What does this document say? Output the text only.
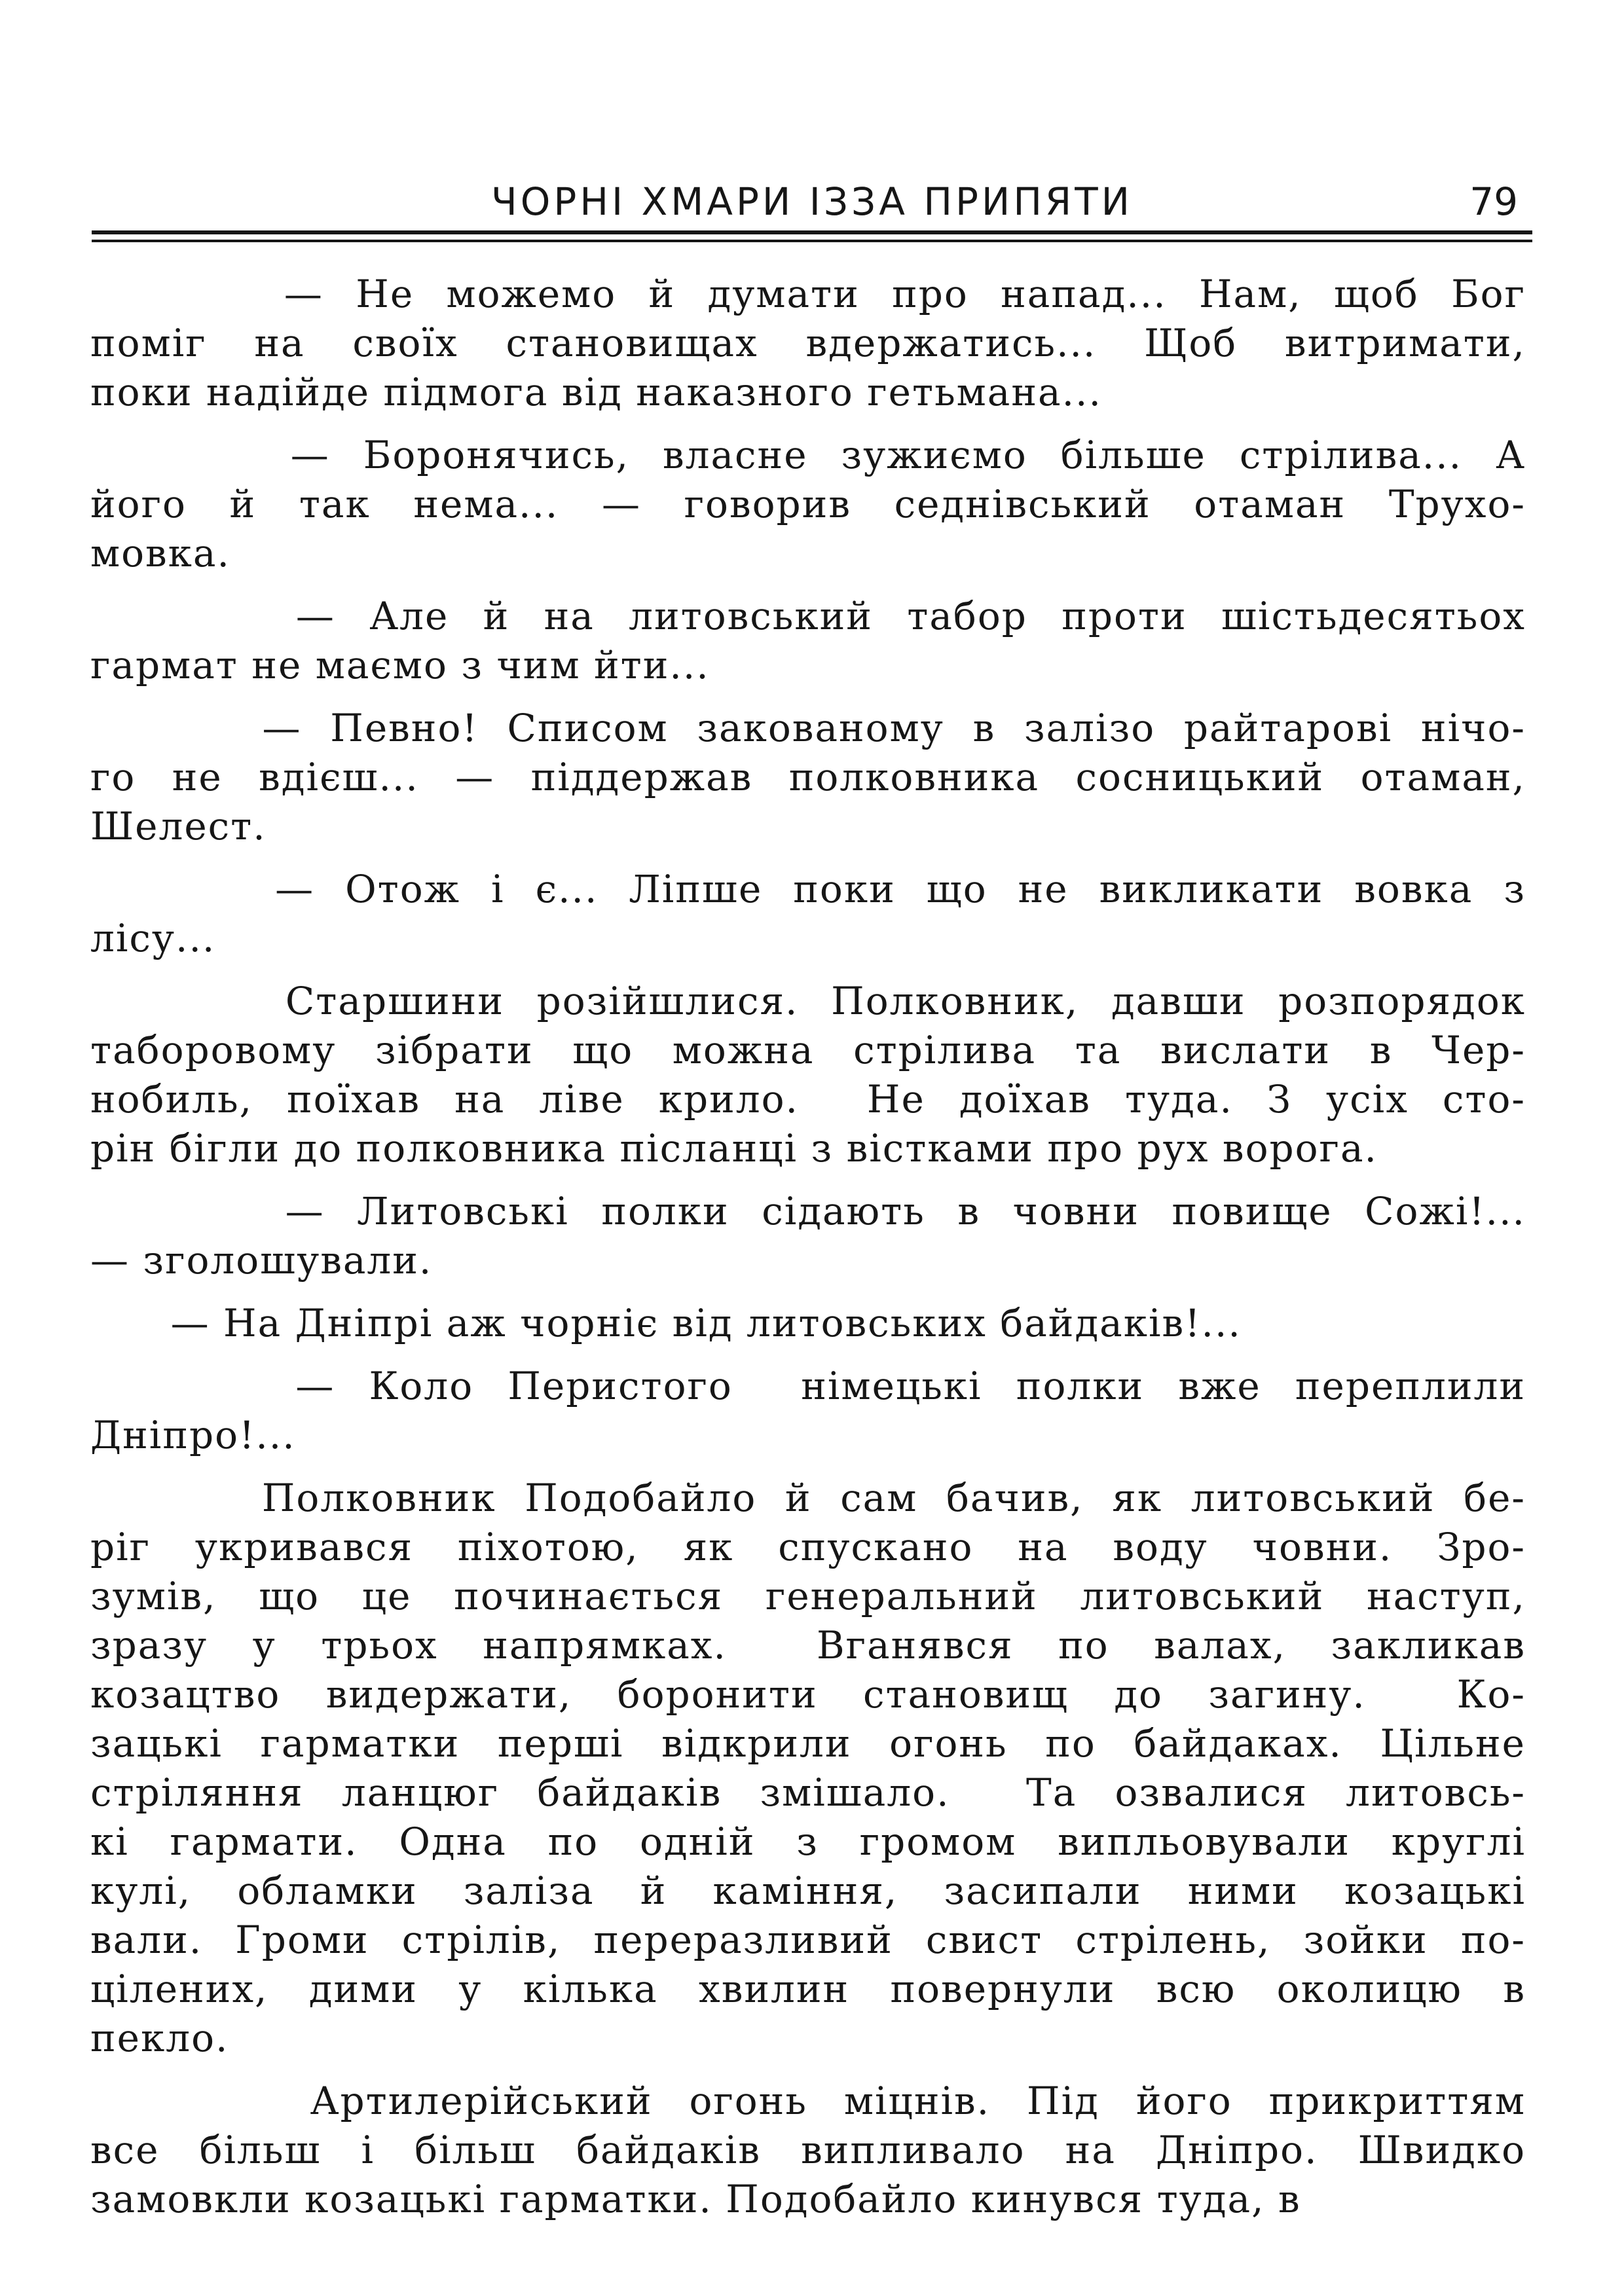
ЧОРНІ ХМАРИ ІЗЗА ПРИПЯТИ	79
— Не можемо й думати про напад... Нам, щоб Бог
поміг на своїх становищах вдержатись... Щоб витримати,
поки надійде підмога від наказного гетьмана...
— Боронячись, власне зужиємо більше стрілива... А
його й так нема... — говорив седнівський отаман Трухо-
мовка.
— Але й на литовський табор проти шістьдесятьох
гармат не маємо з чим йти...
— Певно! Списом закованому в залізо райтарові нічо-
го не вдієш... — піддержав полковника сосницький отаман,
Шелест.
— Отож і є... Ліпше поки що не викликати вовка з
лісу...
Старшини розійшлися. Полковник, давши розпорядок
таборовому зібрати що можна стрілива та вислати в Чер-
нобиль, поїхав на ліве крило.  Не доїхав туда. З усіх сто-
рін бігли до полковника післанці з вістками про рух ворога.
— Литовські полки сідають в човни повище Сожі!...
— зголошували.
— На Дніпрі аж чорніє від литовських байдаків!...
— Коло Перистого  німецькі полки вже переплили
Дніпро!...
Полковник Подобайло й сам бачив, як литовський бе-
ріг укривався піхотою, як спускано на воду човни. Зро-
зумів, що це починається генеральний литовський наступ,
зразу у трьох напрямках.  Вганявся по валах, закликав
козацтво видержати, боронити становищ до загину.  Ко-
зацькі гарматки перші відкрили огонь по байдаках. Цільне
стріляння ланцюг байдаків змішало.  Та озвалися литовсь-
кі гармати. Одна по одній з громом випльовували круглі
кулі, обламки заліза й каміння, засипали ними козацькі
вали. Громи стрілів, переразливий свист стрілень, зойки по-
цілених, дими у кілька хвилин повернули всю околицю в
пекло.
Артилерійський огонь міцнів. Під його прикриттям
все більш і більш байдаків випливало на Дніпро. Швидко
замовкли козацькі гарматки. Подобайло кинувся туда, в
